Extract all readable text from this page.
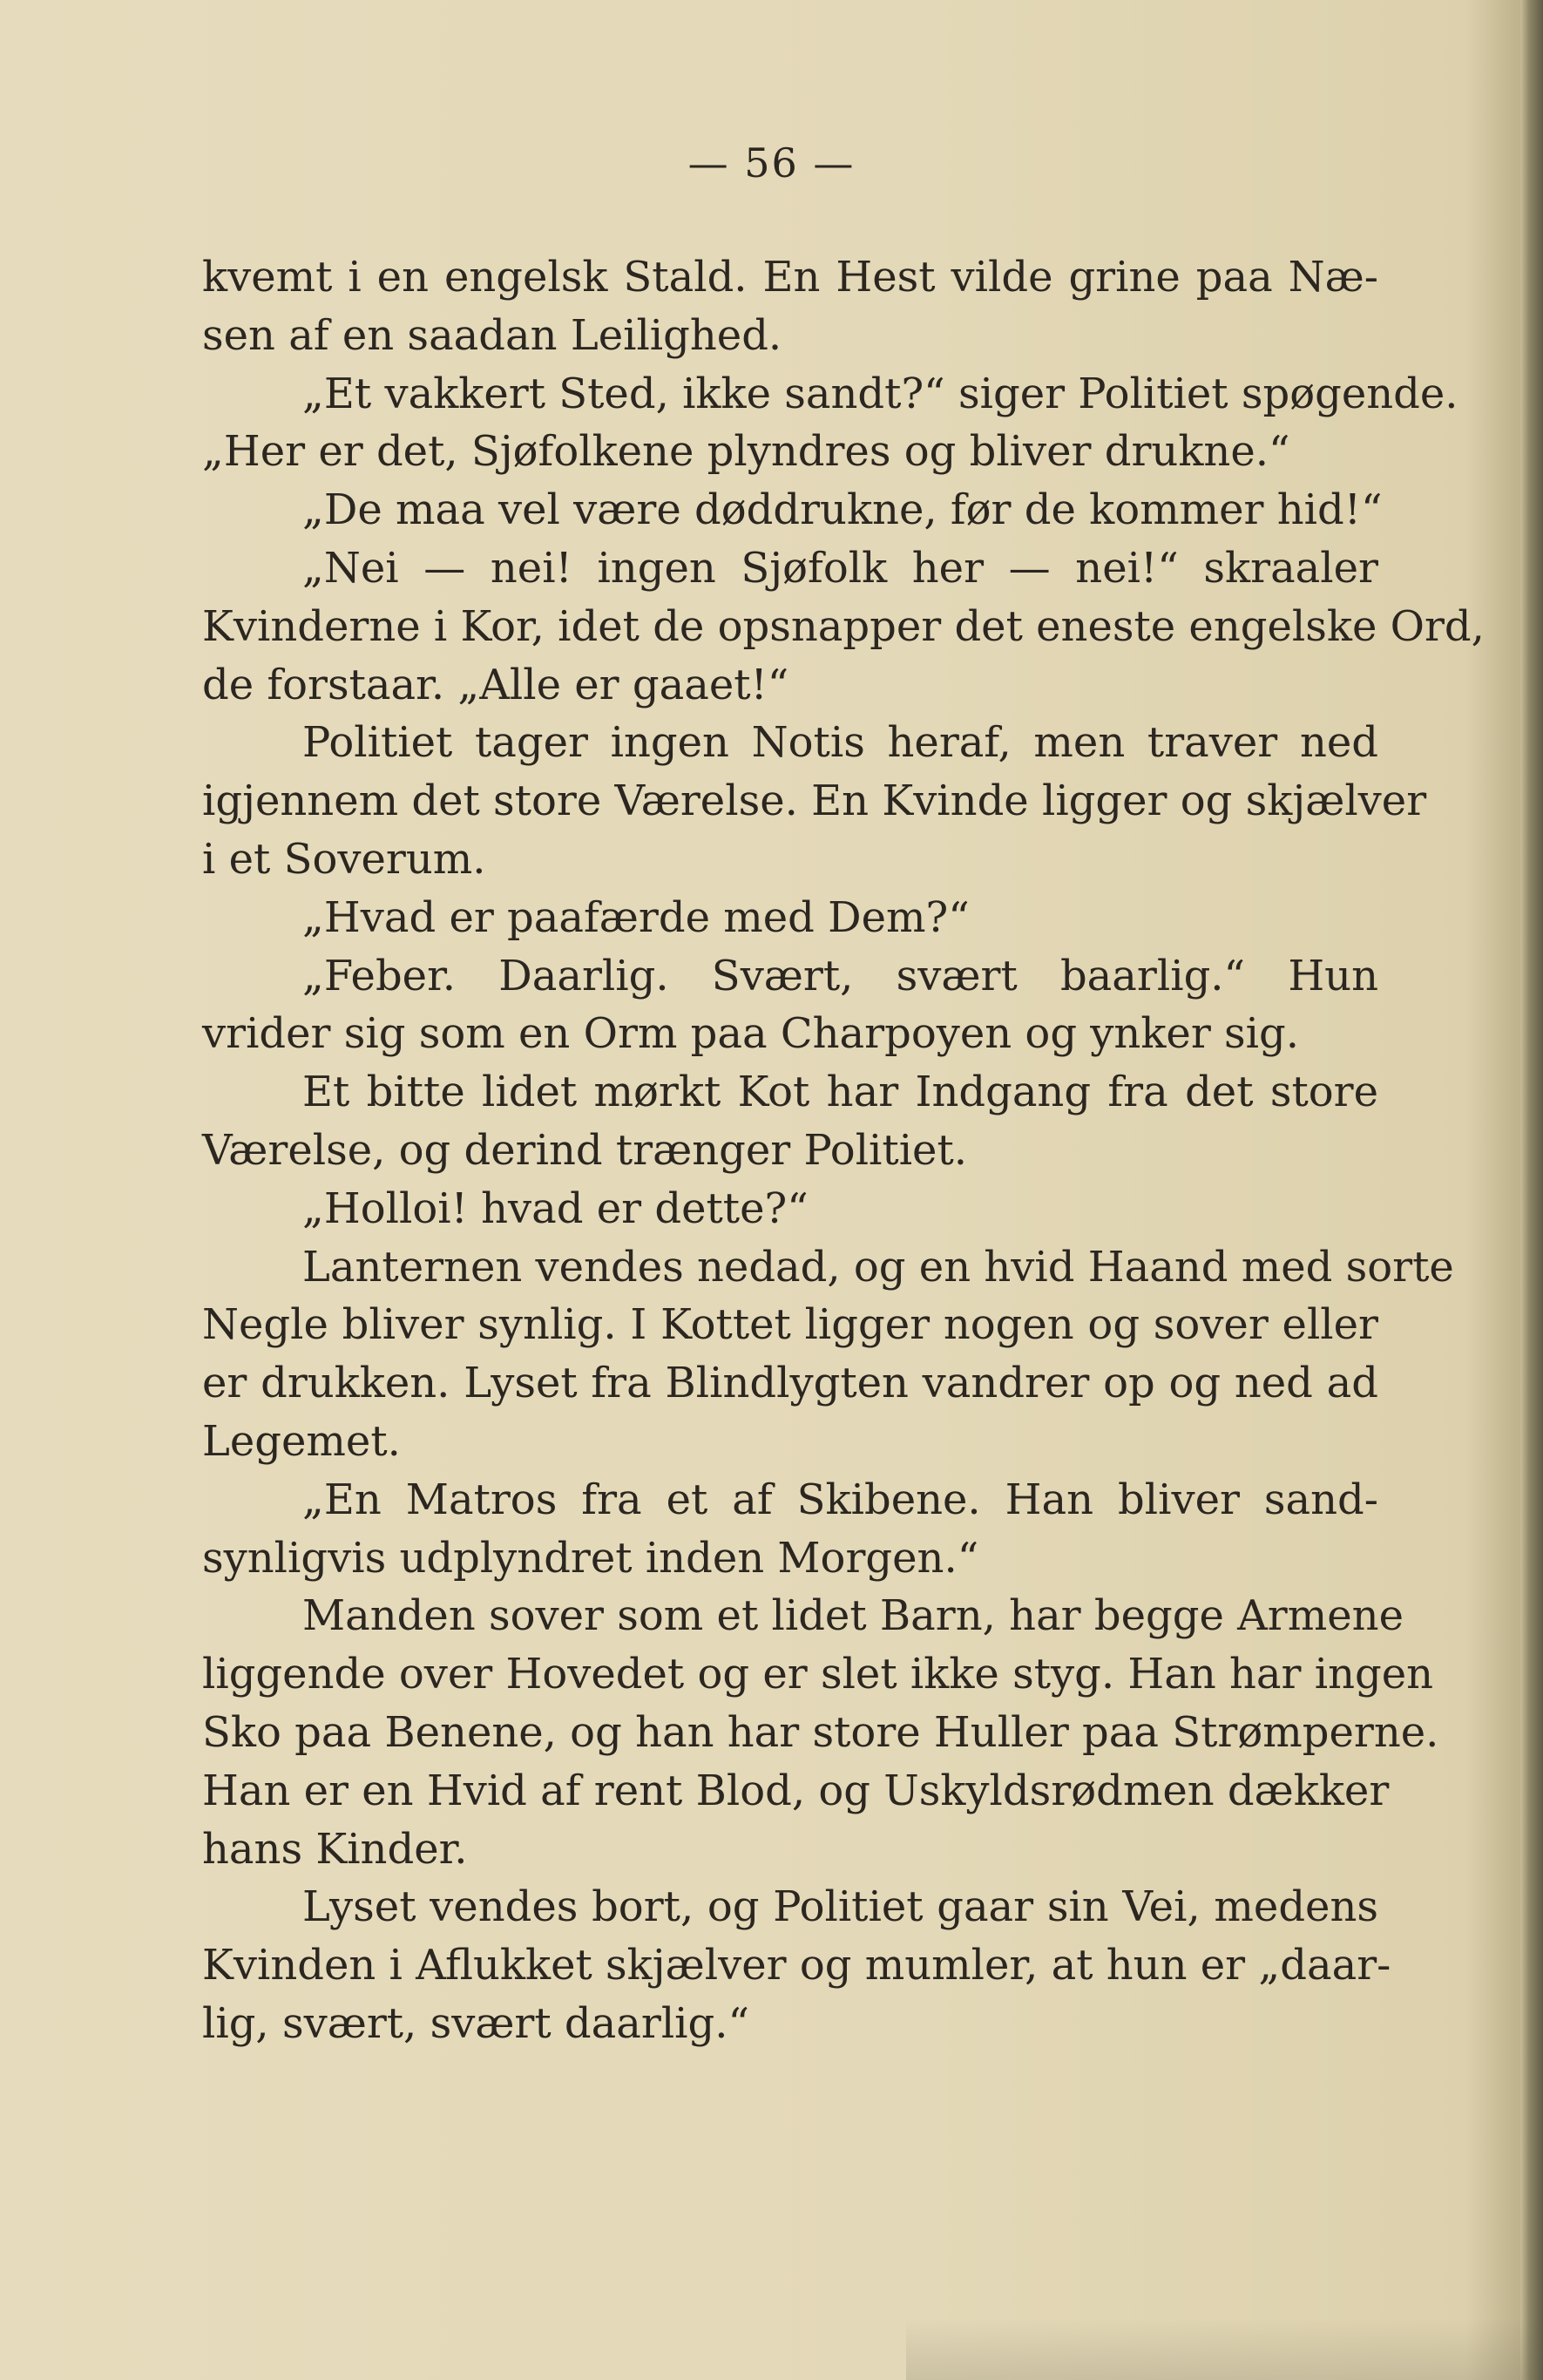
— 56 —
kvemt i en engelsk Stald. En Hest vilde grine paa Næ-
sen af en saadan Leilighed.
„Et vakkert Sted, ikke sandt?“ siger Politiet spøgende.
„Her er det, Sjøfolkene plyndres og bliver drukne.“
„De maa vel være døddrukne, før de kommer hid!“
„Nei — nei! ingen Sjøfolk her — nei!“ skraaler
Kvinderne i Kor, idet de opsnapper det eneste engelske Ord,
de forstaar. „Alle er gaaet!“
Politiet tager ingen Notis heraf, men traver ned
igjennem det store Værelse. En Kvinde ligger og skjælver
i et Soverum.
„Hvad er paafærde med Dem?“
„Feber. Daarlig. Svært, svært baarlig.“ Hun
vrider sig som en Orm paa Charpoyen og ynker sig.
Et bitte lidet mørkt Kot har Indgang fra det store
Værelse, og derind trænger Politiet.
„Holloi! hvad er dette?“
Lanternen vendes nedad, og en hvid Haand med sorte
Negle bliver synlig. I Kottet ligger nogen og sover eller
er drukken. Lyset fra Blindlygten vandrer op og ned ad
Legemet.
„En Matros fra et af Skibene. Han bliver sand-
synligvis udplyndret inden Morgen.“
Manden sover som et lidet Barn, har begge Armene
liggende over Hovedet og er slet ikke styg. Han har ingen
Sko paa Benene, og han har store Huller paa Strømperne.
Han er en Hvid af rent Blod, og Uskyldsrødmen dækker
hans Kinder.
Lyset vendes bort, og Politiet gaar sin Vei, medens
Kvinden i Aflukket skjælver og mumler, at hun er „daar-
lig, svært, svært daarlig.“
